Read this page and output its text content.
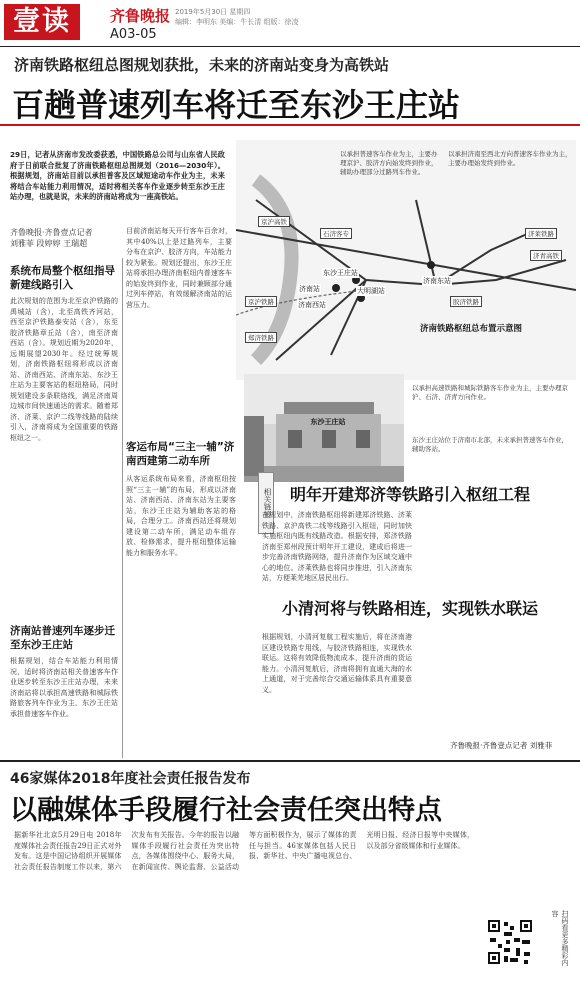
壹读	齐鲁晚报
A03-05
2019年5月30日 星期四
编辑：李明东 美编：牛长清 组版：徐凌
济南铁路枢纽总图规划获批，未来的济南站变身为高铁站
百趟普速列车将迁至东沙王庄站
29日，记者从济南市发改委获悉，中国铁路总公司与山东省人民政府于日前联合批复了济南铁路枢纽总图规划（2016—2030年）。根据规划，济南站目前以承担普客及区域短途动车作业为主，未来将结合车站能力利用情况，适时将相关客车作业逐步转至东沙王庄站办理，也就是说，未来的济南站将成为一座高铁站。
齐鲁晚报·齐鲁壹点记者
刘雅菲 段婷婷 王瑞超
系统布局整个枢纽指导新建线路引入
此次规划的范围为北至京沪铁路的禹城站（含），北至高铁齐河站，西至京沪铁路泰安站（含），东至胶济铁路章丘站（含），南至济南西站（含）。规划近期为2020年，远期展望2030年。经过统筹规划，济南铁路枢纽将形成以济南站、济南西站、济南东站、东沙王庄站为主要客站的枢纽格局，同时规划建设多条联络线，满足济南周边城市间快速通达的需求。随着郑济、济莱、京沪二线等线路的陆续引入，济南将成为全国重要的铁路枢纽之一。
济南站普速列车逐步迁至东沙王庄站
根据规划，结合车站能力利用情况，适时将济南站相关普速客车作业逐步转至东沙王庄站办理，未来济南站将以承担高速铁路和城际铁路旅客列车作业为主，东沙王庄站承担普速客车作业。
目前济南站每天开行客车百余对，其中40%以上是过路列车，主要分布在京沪、胶济方向，车站能力较为紧张。规划还提出，东沙王庄站将承担办理济南枢纽内普速客车的始发终到作业，同时兼顾部分通过列车停站，有效缓解济南站的运营压力。
客运布局“三主一辅”济南西建第二动车所
从客运系统布局来看，济南枢纽按照“三主一辅”的布局，形成以济南站、济南西站、济南东站为主要客站，东沙王庄站为辅助客站的格局，合理分工。济南西站还将规划建设第二动车所，满足动车组存放、检修需求，提升枢纽整体运输能力和服务水平。
济南站
济南西站
济南东站
东沙王庄站
大明湖站
京沪高铁
京沪铁路	胶济铁路
济青高铁
石济客专	济莱铁路
郑济铁路
济南铁路枢纽总布置示意图
以承担普速客车作业为主，主要办理京沪、胶济方向始发终到作业，辅助办理部分过路列车作业。
以承担济南至西北方向普速客车作业为主，主要办理始发终到作业。
以承担高速铁路和城际铁路客车作业为主，主要办理京沪、石济、济青方向作业。
东沙王庄站位于济南市北部，未来承担普速客车作业，辅助客站。
东沙王庄站
相关链接 明年开建郑济等铁路引入枢纽工程
在规划中，济南铁路枢纽将新建郑济铁路、济莱铁路、京沪高铁二线等线路引入枢纽，同时加快实施枢纽内既有线路改造。根据安排，郑济铁路济南至郑州段预计明年开工建设，建成后将进一步完善济南铁路网络，提升济南作为区域交通中心的地位。济莱铁路也将同步推进，引入济南东站，方便莱芜地区居民出行。
小清河将与铁路相连，实现铁水联运
根据规划，小清河复航工程实施后，将在济南港区建设铁路专用线，与胶济铁路相连，实现铁水联运。这将有效降低物流成本，提升济南的货运能力。小清河复航后，济南将拥有直通大海的水上通道，对于完善综合交通运输体系具有重要意义。
齐鲁晚报·齐鲁壹点记者 刘雅菲
46家媒体2018年度社会责任报告发布
以融媒体手段履行社会责任突出特点
据新华社北京5月29日电 2018年度媒体社会责任报告29日正式对外发布。这是中国记协组织开展媒体社会责任报告制度工作以来，第六次发布有关报告。今年的报告以融媒体手段履行社会责任为突出特点，各媒体围绕中心、服务大局，在新闻宣传、舆论监督、公益活动等方面积极作为，展示了媒体的责任与担当。46家媒体包括人民日报、新华社、中央广播电视总台、光明日报、经济日报等中央媒体，以及部分省级媒体和行业媒体。
扫码看更多精彩内容
